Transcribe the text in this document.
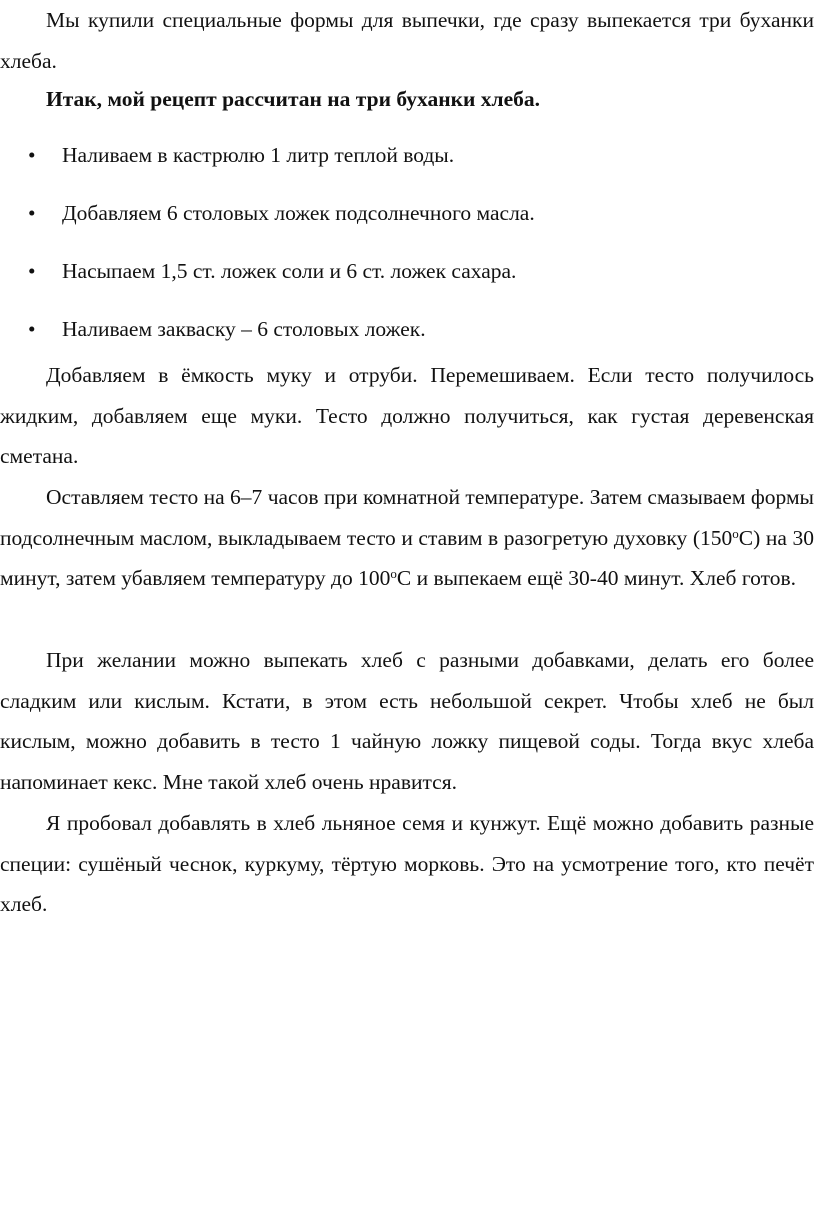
Мы купили специальные формы для выпечки, где сразу выпекается три буханки хлеба.

Итак, мой рецепт рассчитан на три буханки хлеба.

• Наливаем в кастрюлю 1 литр теплой воды.
• Добавляем 6 столовых ложек подсолнечного масла.
• Насыпаем 1,5 ст. ложек соли и 6 ст. ложек сахара.
• Наливаем закваску – 6 столовых ложек.

Добавляем в ёмкость муку и отруби. Перемешиваем. Если тесто получилось жидким, добавляем еще муки. Тесто должно получиться, как густая деревенская сметана.

Оставляем тесто на 6–7 часов при комнатной температуре. Затем смазываем формы подсолнечным маслом, выкладываем тесто и ставим в разогретую духовку $(150^оС)$ на 30 минут, затем убавляем температуру до $100^оС$ и выпекаем ещё 30-40 минут. Хлеб готов.

При желании можно выпекать хлеб с разными добавками, делать его более сладким или кислым. Кстати, в этом есть небольшой секрет. Чтобы хлеб не был кислым, можно добавить в тесто 1 чайную ложку пищевой соды. Тогда вкус хлеба напоминает кекс. Мне такой хлеб очень нравится.

Я пробовал добавлять в хлеб льняное семя и кунжут. Ещё можно добавить разные специи: сушёный чеснок, куркуму, тёртую морковь. Это на усмотрение того, кто печёт хлеб.
